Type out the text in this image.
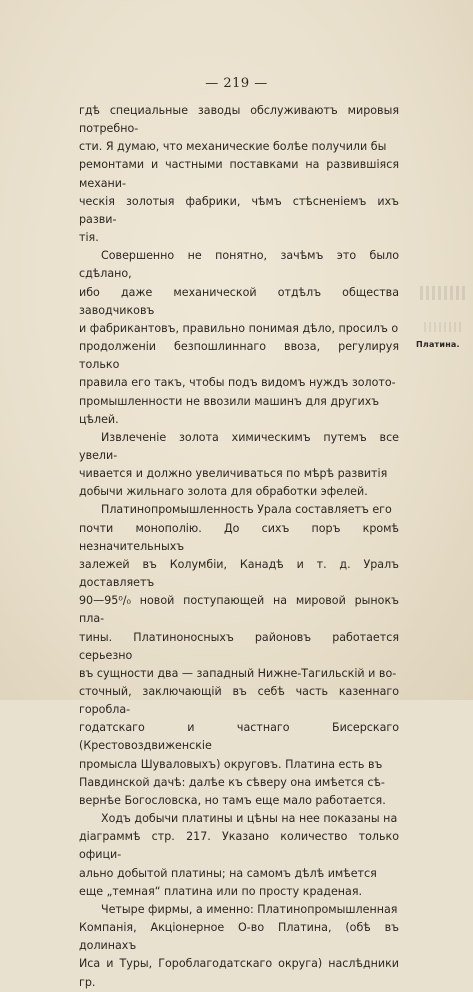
— 219 —

гдѣ специальные заводы обслуживаютъ мировыя потребно-

сти. Я думаю, что механические болѣе получили бы

ремонтами и частными поставками на развившіяся механи-

ческія золотыя фабрики, чѣмъ стѣсненіемъ ихъ разви-

тія.

Совершенно не понятно, зачѣмъ это было сдѣлано,

ибо даже механической отдѣлъ общества заводчиковъ

и фабрикантовъ, правильно понимая дѣло, просилъ о

продолженіи безпошлиннаго ввоза, регулируя только

правила его такъ, чтобы подъ видомъ нуждъ золото-

промышленности не ввозили машинъ для другихъ

цѣлей.

Извлеченіе золота химическимъ путемъ все увели-

чивается и должно увеличиваться по мѣрѣ развитія

добычи жильнаго золота для обработки эфелей.

Платинопромышленность Урала составляетъ его

почти монополію. До сихъ поръ кромѣ незначительныхъ

залежей въ Колумбіи, Канадѣ и т. д. Уралъ доставляетъ

90—95⁰/₀ новой поступающей на мировой рынокъ пла-

тины. Платиноносныхъ районовъ работается серьезно

въ сущности два — западный Нижне-Тагильскій и во-

сточный, заключающій въ себѣ часть казеннаго горобла-

годатскаго и частнаго Бисерскаго (Крестовоздвиженскіе

промысла Шуваловыхъ) округовъ. Платина есть въ

Павдинской дачѣ: далѣе къ сѣверу она имѣется сѣ-

вернѣе Богословска, но тамъ еще мало работается.

Ходъ добычи платины и цѣны на нее показаны на

діаграммѣ стр. 217. Указано количество только офици-

ально добытой платины; на самомъ дѣлѣ имѣется

еще „темная“ платина или по просту краденая.

Четыре фирмы, а именно: Платинопромышленная

Компанія, Акціонерное О-во Платина, (обѣ въ долинахъ

Иса и Туры, Гороблагодатскаго округа) наслѣдники гр.

Платина.
